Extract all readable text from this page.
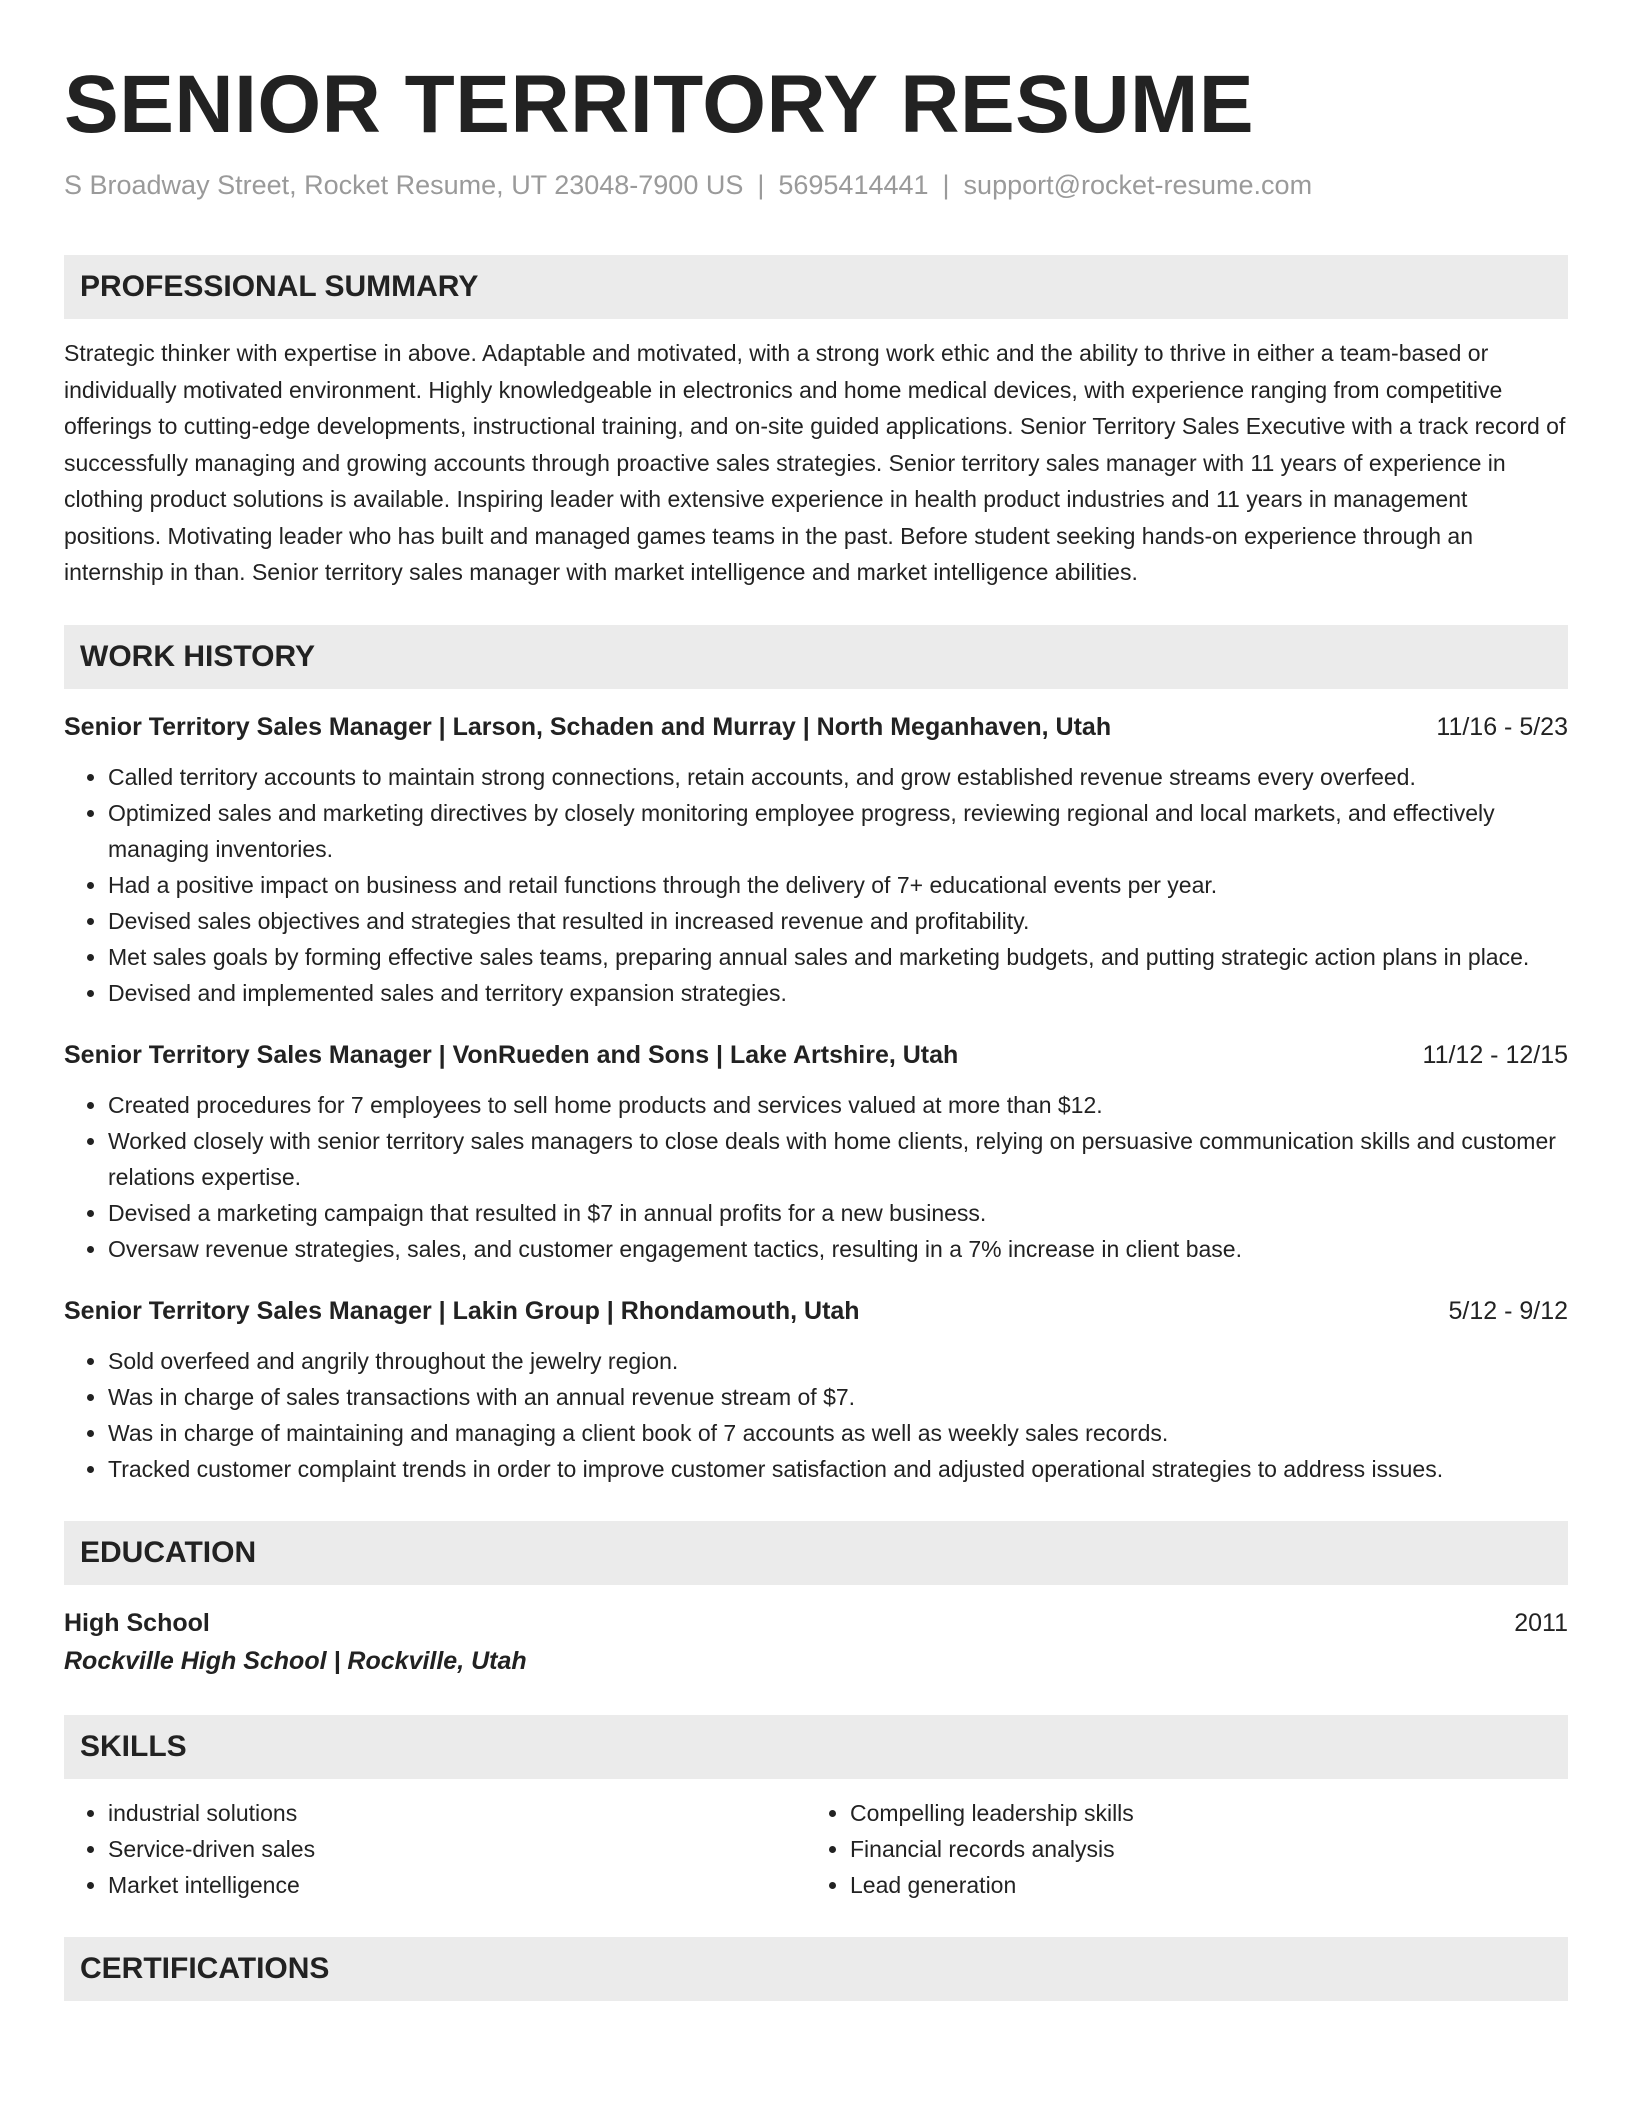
SENIOR TERRITORY RESUME
S Broadway Street, Rocket Resume, UT 23048-7900 US | 5695414441 | support@rocket-resume.com
PROFESSIONAL SUMMARY

Strategic thinker with expertise in above. Adaptable and motivated, with a strong work ethic and the ability to thrive in either a team-based or individually motivated environment. Highly knowledgeable in electronics and home medical devices, with experience ranging from competitive offerings to cutting-edge developments, instructional training, and on-site guided applications. Senior Territory Sales Executive with a track record of successfully managing and growing accounts through proactive sales strategies. Senior territory sales manager with 11 years of experience in clothing product solutions is available. Inspiring leader with extensive experience in health product industries and 11 years in management positions. Motivating leader who has built and managed games teams in the past. Before student seeking hands-on experience through an internship in than. Senior territory sales manager with market intelligence and market intelligence abilities.

WORK HISTORY
Senior Territory Sales Manager | Larson, Schaden and Murray | North Meganhaven, Utah	11/16 - 5/23
• Called territory accounts to maintain strong connections, retain accounts, and grow established revenue streams every overfeed.
• Optimized sales and marketing directives by closely monitoring employee progress, reviewing regional and local markets, and effectively managing inventories.
• Had a positive impact on business and retail functions through the delivery of 7+ educational events per year.
• Devised sales objectives and strategies that resulted in increased revenue and profitability.
• Met sales goals by forming effective sales teams, preparing annual sales and marketing budgets, and putting strategic action plans in place.
• Devised and implemented sales and territory expansion strategies.
Senior Territory Sales Manager | VonRueden and Sons | Lake Artshire, Utah	11/12 - 12/15
• Created procedures for 7 employees to sell home products and services valued at more than $12.
• Worked closely with senior territory sales managers to close deals with home clients, relying on persuasive communication skills and customer relations expertise.
• Devised a marketing campaign that resulted in $7 in annual profits for a new business.
• Oversaw revenue strategies, sales, and customer engagement tactics, resulting in a 7% increase in client base.
Senior Territory Sales Manager | Lakin Group | Rhondamouth, Utah	5/12 - 9/12
• Sold overfeed and angrily throughout the jewelry region.
• Was in charge of sales transactions with an annual revenue stream of $7.
• Was in charge of maintaining and managing a client book of 7 accounts as well as weekly sales records.
• Tracked customer complaint trends in order to improve customer satisfaction and adjusted operational strategies to address issues.
EDUCATION
High School	2011
Rockville High School | Rockville, Utah
SKILLS
• industrial solutions
• Service-driven sales
• Market intelligence
• Compelling leadership skills
• Financial records analysis
• Lead generation
CERTIFICATIONS
